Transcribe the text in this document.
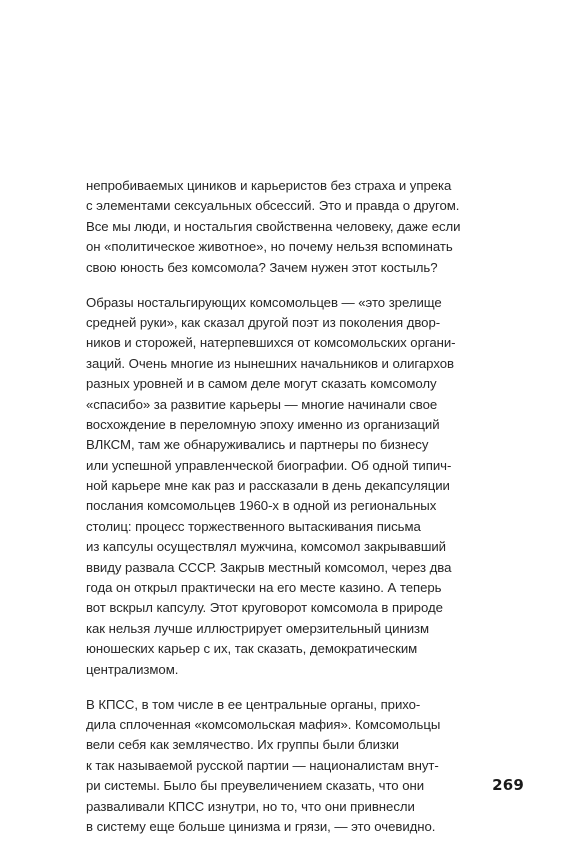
непробиваемых циников и карьеристов без страха и упрека
с элементами сексуальных обсессий. Это и правда о другом.
Все мы люди, и ностальгия свойственна человеку, даже если
он «политическое животное», но почему нельзя вспоминать
свою юность без комсомола? Зачем нужен этот костыль?
Образы ностальгирующих комсомольцев — «это зрелище
средней руки», как сказал другой поэт из поколения двор-
ников и сторожей, натерпевшихся от комсомольских органи-
заций. Очень многие из нынешних начальников и олигархов
разных уровней и в самом деле могут сказать комсомолу
«спасибо» за развитие карьеры — многие начинали свое
восхождение в переломную эпоху именно из организаций
ВЛКСМ, там же обнаруживались и партнеры по бизнесу
или успешной управленческой биографии. Об одной типич-
ной карьере мне как раз и рассказали в день декапсуляции
послания комсомольцев 1960-х в одной из региональных
столиц: процесс торжественного вытаскивания письма
из капсулы осуществлял мужчина, комсомол закрывавший
ввиду развала СССР. Закрыв местный комсомол, через два
года он открыл практически на его месте казино. А теперь
вот вскрыл капсулу. Этот круговорот комсомола в природе
как нельзя лучше иллюстрирует омерзительный цинизм
юношеских карьер с их, так сказать, демократическим
централизмом.
В КПСС, в том числе в ее центральные органы, прихо-
дила сплоченная «комсомольская мафия». Комсомольцы
вели себя как землячество. Их группы были близки
к так называемой русской партии — националистам внут-
ри системы. Было бы преувеличением сказать, что они
разваливали КПСС изнутри, но то, что они привнесли
в систему еще больше цинизма и грязи, — это очевидно.
269
